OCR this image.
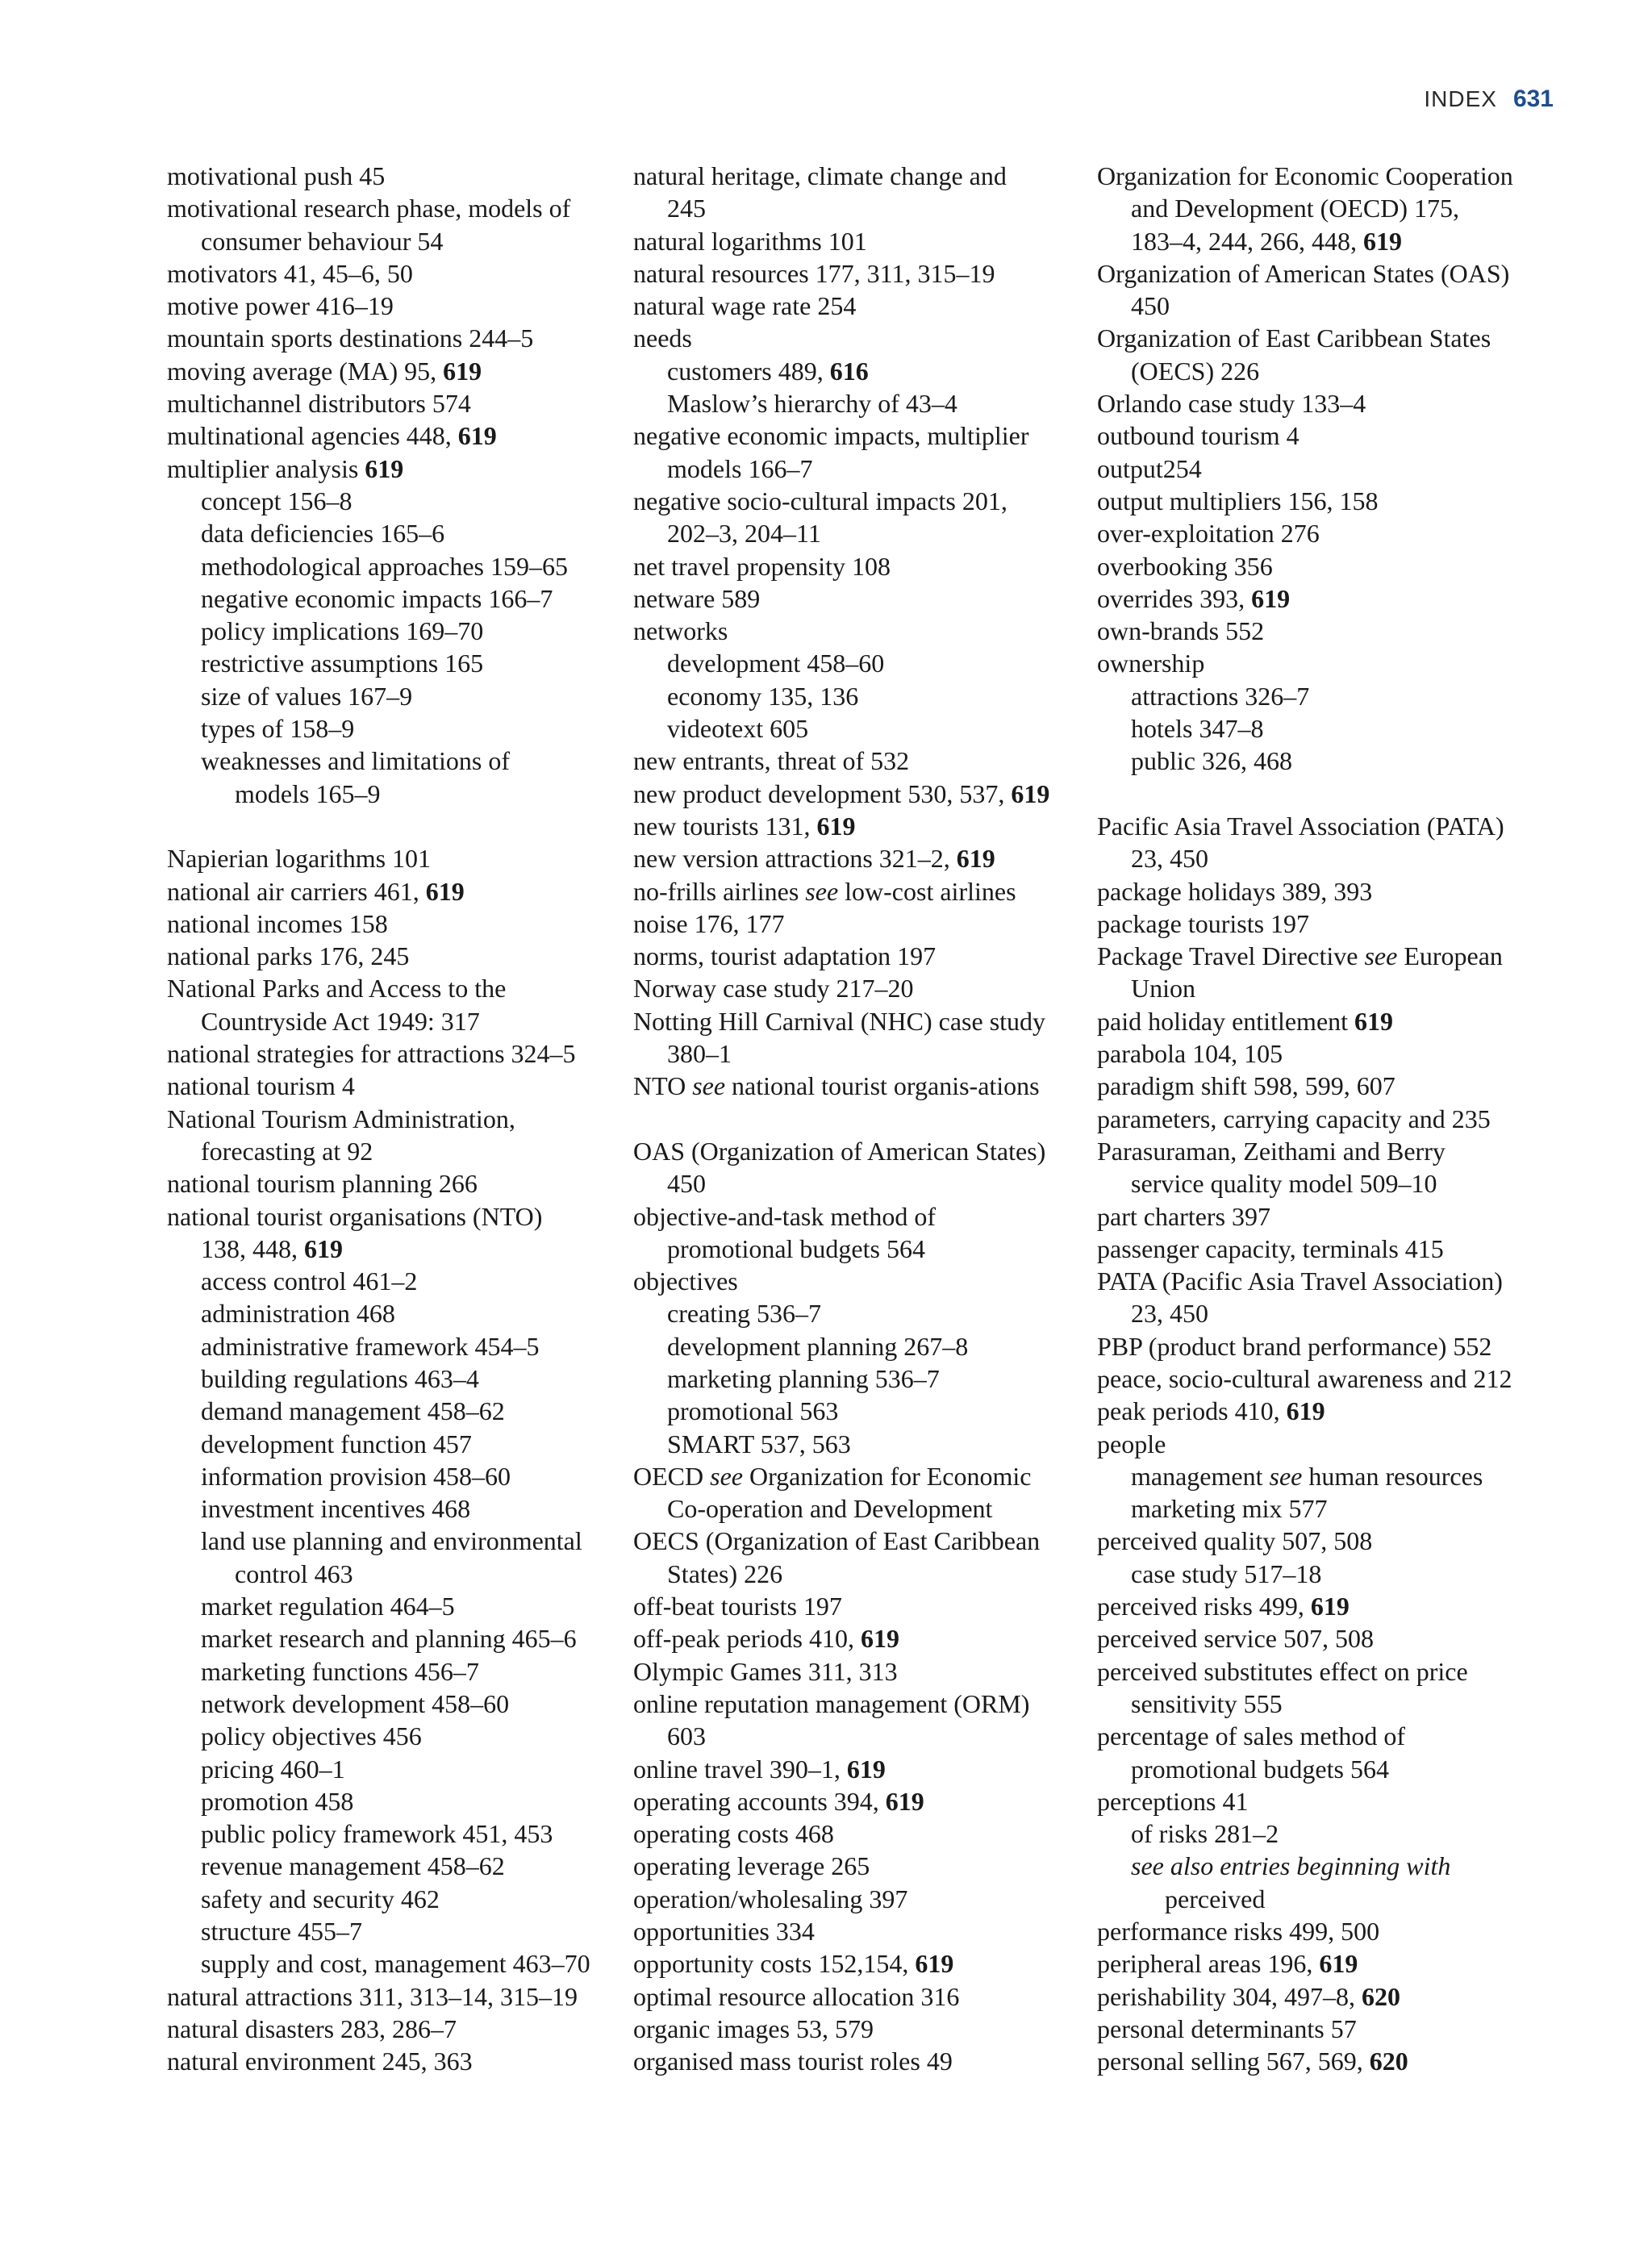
INDEX 631
motivational push 45
motivational research phase, models of
consumer behaviour 54
motivators 41, 45–6, 50
motive power 416–19
mountain sports destinations 244–5
moving average (MA) 95, 619
multichannel distributors 574
multinational agencies 448, 619
multiplier analysis 619
concept 156–8
data deficiencies 165–6
methodological approaches 159–65
negative economic impacts 166–7
policy implications 169–70
restrictive assumptions 165
size of values 167–9
types of 158–9
weaknesses and limitations of
models 165–9
Napierian logarithms 101
national air carriers 461, 619
national incomes 158
national parks 176, 245
National Parks and Access to the
Countryside Act 1949: 317
national strategies for attractions 324–5
national tourism 4
National Tourism Administration,
forecasting at 92
national tourism planning 266
national tourist organisations (NTO)
138, 448, 619
access control 461–2
administration 468
administrative framework 454–5
building regulations 463–4
demand management 458–62
development function 457
information provision 458–60
investment incentives 468
land use planning and environmental
control 463
market regulation 464–5
market research and planning 465–6
marketing functions 456–7
network development 458–60
policy objectives 456
pricing 460–1
promotion 458
public policy framework 451, 453
revenue management 458–62
safety and security 462
structure 455–7
supply and cost, management 463–70
natural attractions 311, 313–14, 315–19
natural disasters 283, 286–7
natural environment 245, 363
natural heritage, climate change and
245
natural logarithms 101
natural resources 177, 311, 315–19
natural wage rate 254
needs
customers 489, 616
Maslow’s hierarchy of 43–4
negative economic impacts, multiplier
models 166–7
negative socio-cultural impacts 201,
202–3, 204–11
net travel propensity 108
netware 589
networks
development 458–60
economy 135, 136
videotext 605
new entrants, threat of 532
new product development 530, 537, 619
new tourists 131, 619
new version attractions 321–2, 619
no-frills airlines see low-cost airlines
noise 176, 177
norms, tourist adaptation 197
Norway case study 217–20
Notting Hill Carnival (NHC) case study
380–1
NTO see national tourist organis-ations
OAS (Organization of American States)
450
objective-and-task method of
promotional budgets 564
objectives
creating 536–7
development planning 267–8
marketing planning 536–7
promotional 563
SMART 537, 563
OECD see Organization for Economic
Co-operation and Development
OECS (Organization of East Caribbean
States) 226
off-beat tourists 197
off-peak periods 410, 619
Olympic Games 311, 313
online reputation management (ORM)
603
online travel 390–1, 619
operating accounts 394, 619
operating costs 468
operating leverage 265
operation/wholesaling 397
opportunities 334
opportunity costs 152,154, 619
optimal resource allocation 316
organic images 53, 579
organised mass tourist roles 49
Organization for Economic Cooperation
and Development (OECD) 175,
183–4, 244, 266, 448, 619
Organization of American States (OAS)
450
Organization of East Caribbean States
(OECS) 226
Orlando case study 133–4
outbound tourism 4
output254
output multipliers 156, 158
over-exploitation 276
overbooking 356
overrides 393, 619
own-brands 552
ownership
attractions 326–7
hotels 347–8
public 326, 468
Pacific Asia Travel Association (PATA)
23, 450
package holidays 389, 393
package tourists 197
Package Travel Directive see European
Union
paid holiday entitlement 619
parabola 104, 105
paradigm shift 598, 599, 607
parameters, carrying capacity and 235
Parasuraman, Zeithami and Berry
service quality model 509–10
part charters 397
passenger capacity, terminals 415
PATA (Pacific Asia Travel Association)
23, 450
PBP (product brand performance) 552
peace, socio-cultural awareness and 212
peak periods 410, 619
people
management see human resources
marketing mix 577
perceived quality 507, 508
case study 517–18
perceived risks 499, 619
perceived service 507, 508
perceived substitutes effect on price
sensitivity 555
percentage of sales method of
promotional budgets 564
perceptions 41
of risks 281–2
see also entries beginning with
perceived
performance risks 499, 500
peripheral areas 196, 619
perishability 304, 497–8, 620
personal determinants 57
personal selling 567, 569, 620
